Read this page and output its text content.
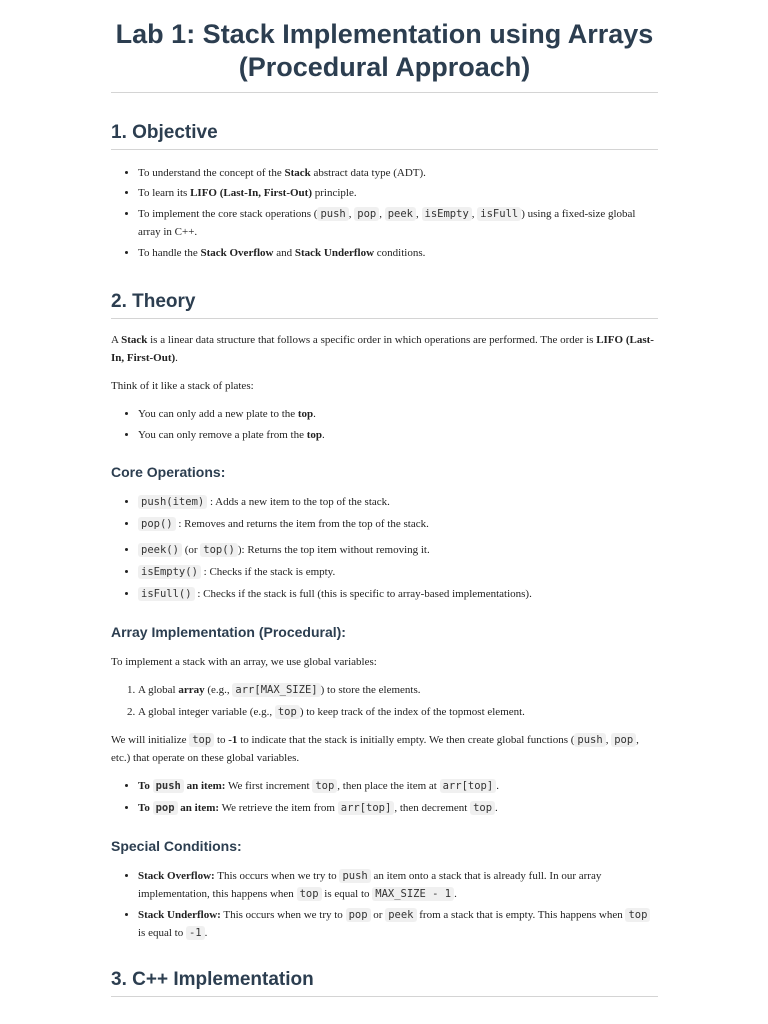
Lab 1: Stack Implementation using Arrays (Procedural Approach)
1. Objective
• To understand the concept of the Stack abstract data type (ADT).
• To learn its LIFO (Last-In, First-Out) principle.
• To implement the core stack operations ( push , pop , peek , isEmpty , isFull ) using a fixed-size global array in C++.
• To handle the Stack Overflow and Stack Underflow conditions.
2. Theory

A Stack is a linear data structure that follows a specific order in which operations are performed. The order is LIFO (Last-In, First-Out).

Think of it like a stack of plates:

• You can only add a new plate to the top.
• You can only remove a plate from the top.
Core Operations:
• push(item) : Adds a new item to the top of the stack.
• pop() : Removes and returns the item from the top of the stack.
• peek() (or top() ): Returns the top item without removing it.
• isEmpty() : Checks if the stack is empty.
• isFull() : Checks if the stack is full (this is specific to array-based implementations).
Array Implementation (Procedural):

To implement a stack with an array, we use global variables:

1. A global array (e.g., arr[MAX_SIZE] ) to store the elements.
2. A global integer variable (e.g., top ) to keep track of the index of the topmost element.

We will initialize top to -1 to indicate that the stack is initially empty. We then create global functions ( push , pop , etc.) that operate on these global variables.

• To push an item: We first increment top , then place the item at arr[top] .
• To pop an item: We retrieve the item from arr[top] , then decrement top .
Special Conditions:
• Stack Overflow: This occurs when we try to push an item onto a stack that is already full. In our array implementation, this happens when top is equal to MAX_SIZE - 1 .
• Stack Underflow: This occurs when we try to pop or peek from a stack that is empty. This happens when top is equal to -1 .
3. C++ Implementation
